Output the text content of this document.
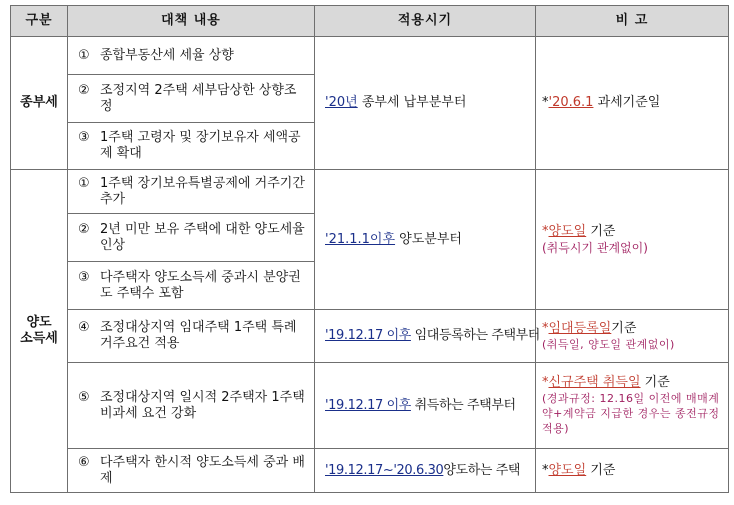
구분	대책 내용	적용시기	비 고

종부세	① 종합부동산세 세율 상향	'20년 종부세 납부분부터	*'20.6.1 과세기준일

	② 조정지역 2주택 세부담상한 상향조정		

	③ 1주택 고령자 및 장기보유자 세액공제 확대		

양도
소득세	① 1주택 장기보유특별공제에 거주기간 추가	'21.1.1이후 양도분부터	*양도일 기준
(취득시기 관계없이)

	② 2년 미만 보유 주택에 대한 양도세율 인상		

	③ 다주택자 양도소득세 중과시 분양권도 주택수 포함		

	④ 조정대상지역 임대주택 1주택 특례 거주요건 적용	'19.12.17 이후 임대등록하는 주택부터	*임대등록일기준
(취득일, 양도일 관계없이)

	⑤ 조정대상지역 일시적 2주택자 1주택 비과세 요건 강화	'19.12.17 이후 취득하는 주택부터	*신규주택 취득일 기준
(경과규정: 12.16일 이전에 매매계약+계약금 지급한 경우는 종전규정 적용)

	⑥ 다주택자 한시적 양도소득세 중과 배제	'19.12.17~'20.6.30양도하는 주택	*양도일 기준
